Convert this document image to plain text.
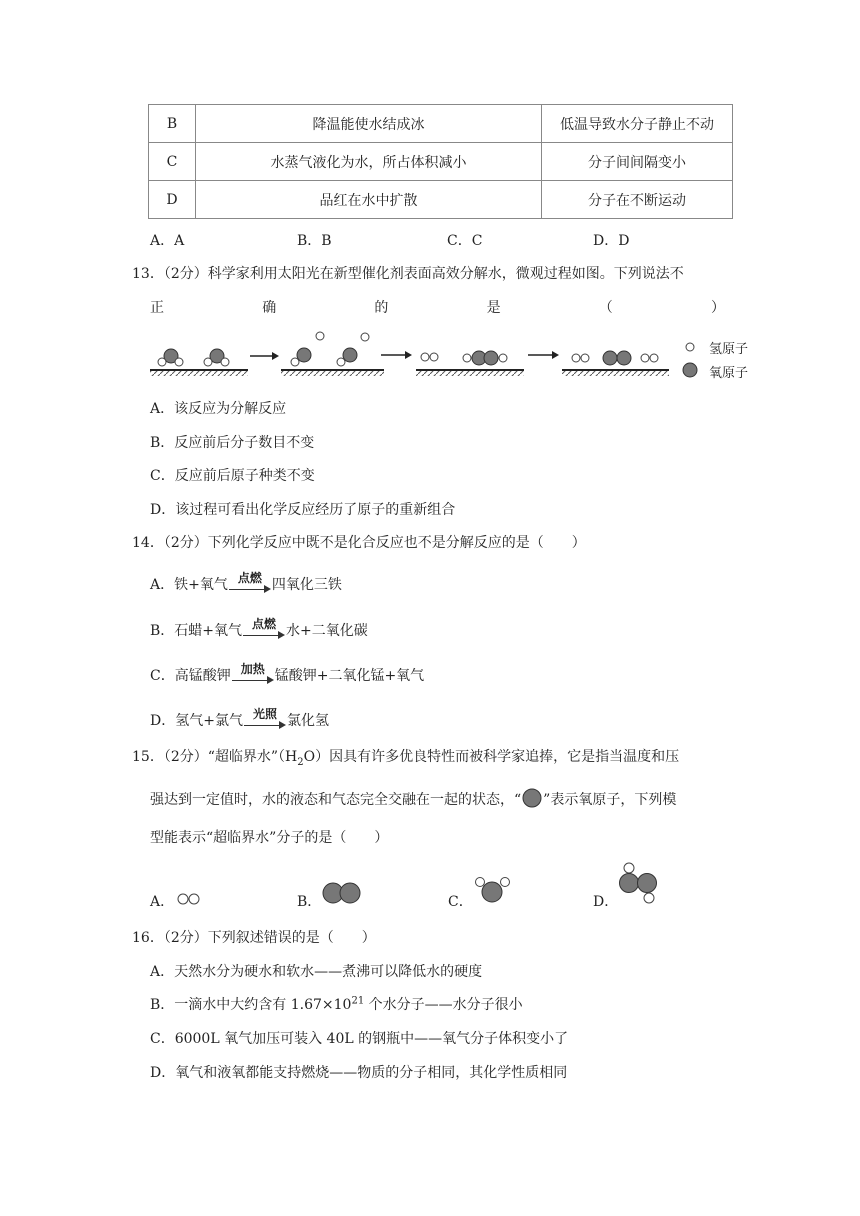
B	降温能使水结成冰	低温导致水分子静止不动
C	水蒸气液化为水，所占体积减小	分子间间隔变小
D	品红在水中扩散	分子在不断运动
A．A	B．B	C．C	D．D
13．（2分）科学家利用太阳光在新型催化剂表面高效分解水，微观过程如图。下列说法不
正	确	的	是	（	）
氢原子
氧原子
A．该反应为分解反应
B．反应前后分子数目不变
C．反应前后原子种类不变
D．该过程可看出化学反应经历了原子的重新组合
14．（2分）下列化学反应中既不是化合反应也不是分解反应的是（　　）
A．铁+氧气 点燃 四氧化三铁
B．石蜡+氧气 点燃 水+二氧化碳
C．高锰酸钾 加热 锰酸钾+二氧化锰+氧气
D．氢气+氯气 光照 氯化氢
15．（2分）“超临界水$”(H_2O)$因具有许多优良特性而被科学家追捧，它是指当温度和压
强达到一定值时，水的液态和气态完全交融在一起的状态，“ ”表示氧原子，下列模
型能表示“超临界水”分子的是（　　）
A．	B．	C．	D．
16．（2分）下列叙述错误的是（　　）
A．天然水分为硬水和软水——煮沸可以降低水的硬度
B．一滴水中大约含有 $1.67\times 10^{21}$ 个水分子——水分子很小
C．6000L 氧气加压可装入 40L 的钢瓶中——氧气分子体积变小了
D．氧气和液氧都能支持燃烧——物质的分子相同，其化学性质相同
